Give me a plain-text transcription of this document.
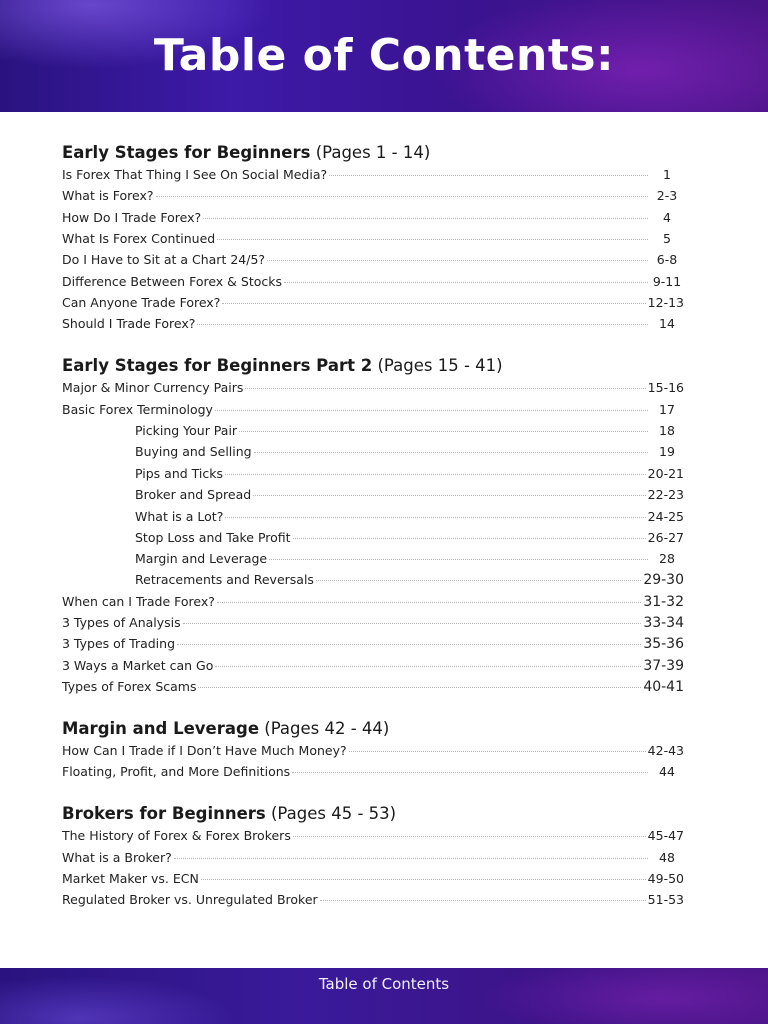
Table of Contents:
Early Stages for Beginners (Pages 1 - 14)
Is Forex That Thing I See On Social Media?	1
What is Forex?	2-3
How Do I Trade Forex?	4
What Is Forex Continued	5
Do I Have to Sit at a Chart 24/5?	6-8
Difference Between Forex & Stocks	9-11
Can Anyone Trade Forex?	12-13
Should I Trade Forex?	14
Early Stages for Beginners Part 2 (Pages 15 - 41)
Major & Minor Currency Pairs	15-16
Basic Forex Terminology	17
Picking Your Pair	18
Buying and Selling	19
Pips and Ticks	20-21
Broker and Spread	22-23
What is a Lot?	24-25
Stop Loss and Take Profit	26-27
Margin and Leverage	28
Retracements and Reversals	29-30
When can I Trade Forex?	31-32
3 Types of Analysis	33-34
3 Types of Trading	35-36
3 Ways a Market can Go	37-39
Types of Forex Scams	40-41
Margin and Leverage (Pages 42 - 44)
How Can I Trade if I Don’t Have Much Money?	42-43
Floating, Profit, and More Definitions	44
Brokers for Beginners (Pages 45 - 53)
The History of Forex & Forex Brokers	45-47
What is a Broker?	48
Market Maker vs. ECN	49-50
Regulated Broker vs. Unregulated Broker	51-53
Table of Contents
